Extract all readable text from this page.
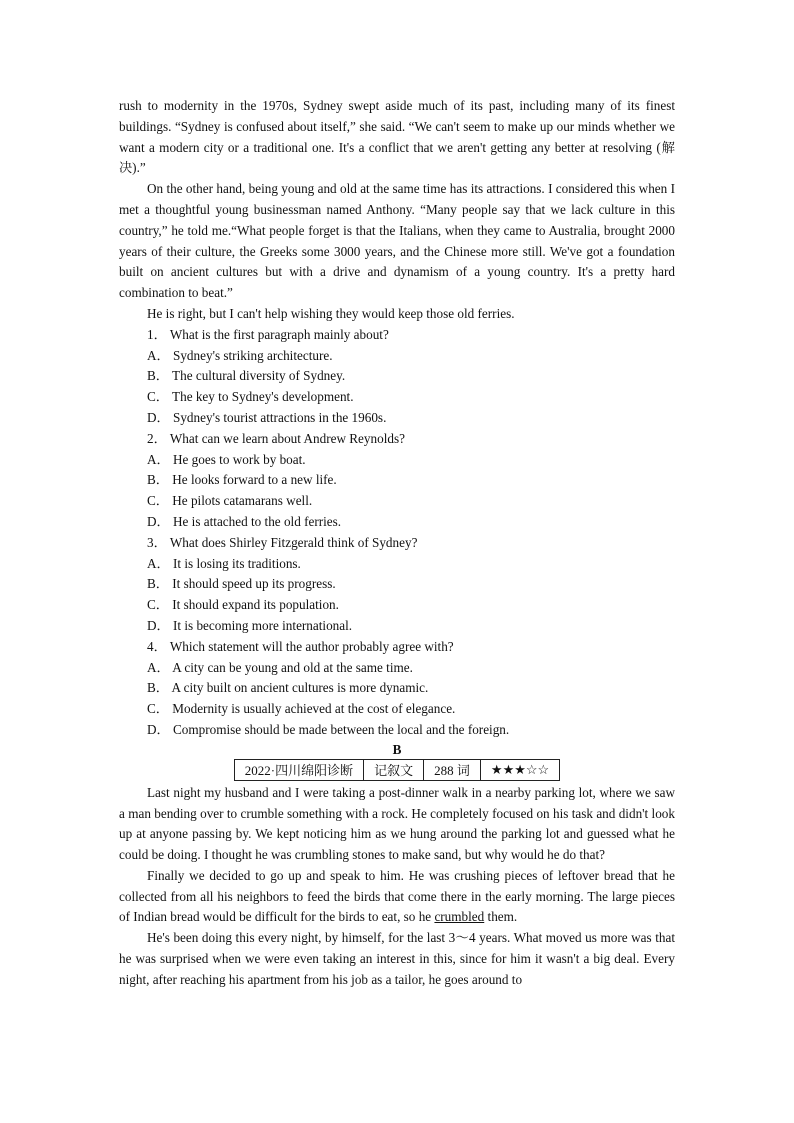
rush to modernity in the 1970s, Sydney swept aside much of its past, including many of its finest buildings. “Sydney is confused about itself,” she said. “We can't seem to make up our minds whether we want a modern city or a traditional one. It's a conflict that we aren't getting any better at resolving (解决).”

On the other hand, being young and old at the same time has its attractions. I considered this when I met a thoughtful young businessman named Anthony. “Many people say that we lack culture in this country,” he told me.“What people forget is that the Italians, when they came to Australia, brought 2000 years of their culture, the Greeks some 3000 years, and the Chinese more still. We've got a foundation built on ancient cultures but with a drive and dynamism of a young country. It's a pretty hard combination to beat.”

He is right, but I can't help wishing they would keep those old ferries.

1． What is the first paragraph mainly about?

A． Sydney's striking architecture.

B． The cultural diversity of Sydney.

C． The key to Sydney's development.

D． Sydney's tourist attractions in the 1960s.

2． What can we learn about Andrew Reynolds?

A． He goes to work by boat.

B． He looks forward to a new life.

C． He pilots catamarans well.

D． He is attached to the old ferries.

3． What does Shirley Fitzgerald think of Sydney?

A． It is losing its traditions.

B． It should speed up its progress.

C． It should expand its population.

D． It is becoming more international.

4． Which statement will the author probably agree with?

A． A city can be young and old at the same time.

B． A city built on ancient cultures is more dynamic.

C． Modernity is usually achieved at the cost of elegance.

D． Compromise should be made between the local and the foreign.

B

2022·四川绵阳诊断	记叙文	288 词	★★★☆☆

Last night my husband and I were taking a post-dinner walk in a nearby parking lot, where we saw a man bending over to crumble something with a rock. He completely focused on his task and didn't look up at anyone passing by. We kept noticing him as we hung around the parking lot and guessed what he could be doing. I thought he was crumbling stones to make sand, but why would he do that?

Finally we decided to go up and speak to him. He was crushing pieces of leftover bread that he collected from all his neighbors to feed the birds that come there in the early morning. The large pieces of Indian bread would be difficult for the birds to eat, so he crumbled them.

He's been doing this every night, by himself, for the last 3～4 years. What moved us more was that he was surprised when we were even taking an interest in this, since for him it wasn't a big deal. Every night, after reaching his apartment from his job as a tailor, he goes around to
